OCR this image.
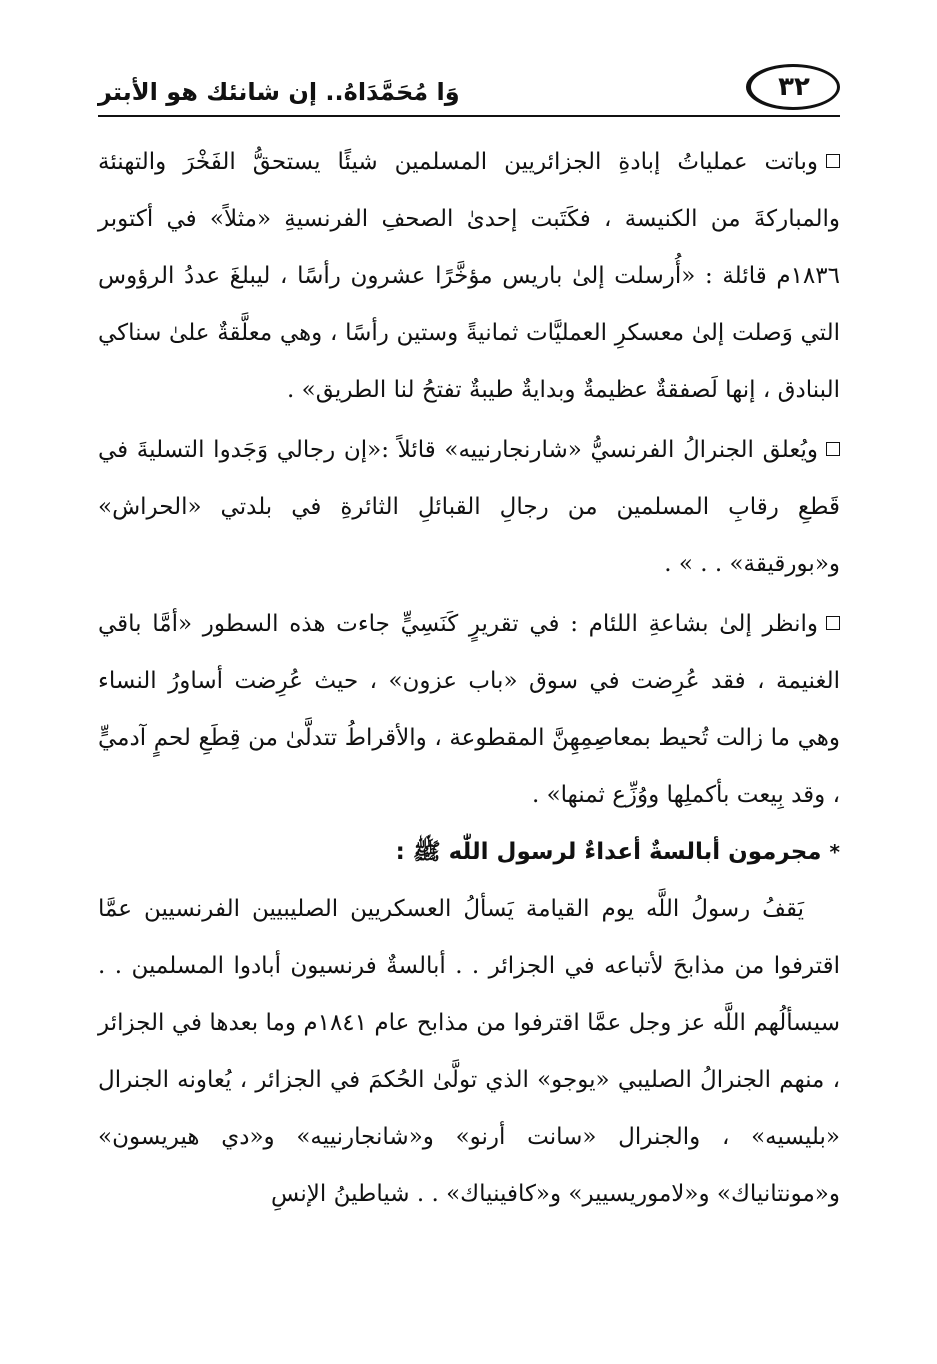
٣٢
وَا مُحَمَّدَاهُ.. إن شانئك هو الأبتر

وباتت عملياتُ إبادةِ الجزائريين المسلمين شيئًا يستحقُّ الفَخْرَ والتهنئة والمباركةَ من الكنيسة ، فكَتَبت إحدىٰ الصحفِ الفرنسيةِ «مثلاً» في أكتوبر ١٨٣٦م قائلة : «أُرسلت إلىٰ باريس مؤخَّرًا عشرون رأسًا ، ليبلغَ عددُ الرؤوس التي وَصلت إلىٰ معسكرِ العمليَّات ثمانيةً وستين رأسًا ، وهي معلَّقةٌ علىٰ سناكي البنادق ، إنها لَصفقةٌ عظيمةٌ وبدايةٌ طيبةٌ تفتحُ لنا الطريق» .

ويُعلق الجنرالُ الفرنسيُّ «شارنجارنييه» قائلاً :«إن رجالي وَجَدوا التسليةَ في قَطعِ رقابِ المسلمين من رجالِ القبائلِ الثائرةِ في بلدتي «الحراش» و«بورقيقة» . . » .

وانظر إلىٰ بشاعةِ اللئام : في تقريرٍ كَنَسِيٍّ جاءت هذه السطور «أمَّا باقي الغنيمة ، فقد عُرِضت في سوق «باب عزون» ، حيث عُرِضت أساورُ النساء وهي ما زالت تُحيط بمعاصِمِهِنَّ المقطوعة ، والأقراطُ تتدلَّىٰ من قِطَعِ لحمٍ آدميٍّ ، وقد بِيعت بأكملِها ووُزِّع ثمنها» .

*مجرمون أبالسةٌ أعداءٌ لرسول اللّٰه ﷺ :

يَقفُ رسولُ اللَّه يوم القيامة يَسألُ العسكريين الصليبيين الفرنسيين عمَّا اقترفوا من مذابحَ لأتباعه في الجزائر . . أبالسةٌ فرنسيون أبادوا المسلمين . . سيسألُهم اللَّه عز وجل عمَّا اقترفوا من مذابح عام ١٨٤١م وما بعدها في الجزائر ، منهم الجنرالُ الصليبي «يوجو» الذي تولَّىٰ الحُكمَ في الجزائر ، يُعاونه الجنرال «بليسيه» ، والجنرال «سانت أرنو» و«شانجارنييه» و«دي هيريسون» و«مونتانياك» و«لاموريسيير» و«كافينياك» . . شياطينُ الإنسِ
